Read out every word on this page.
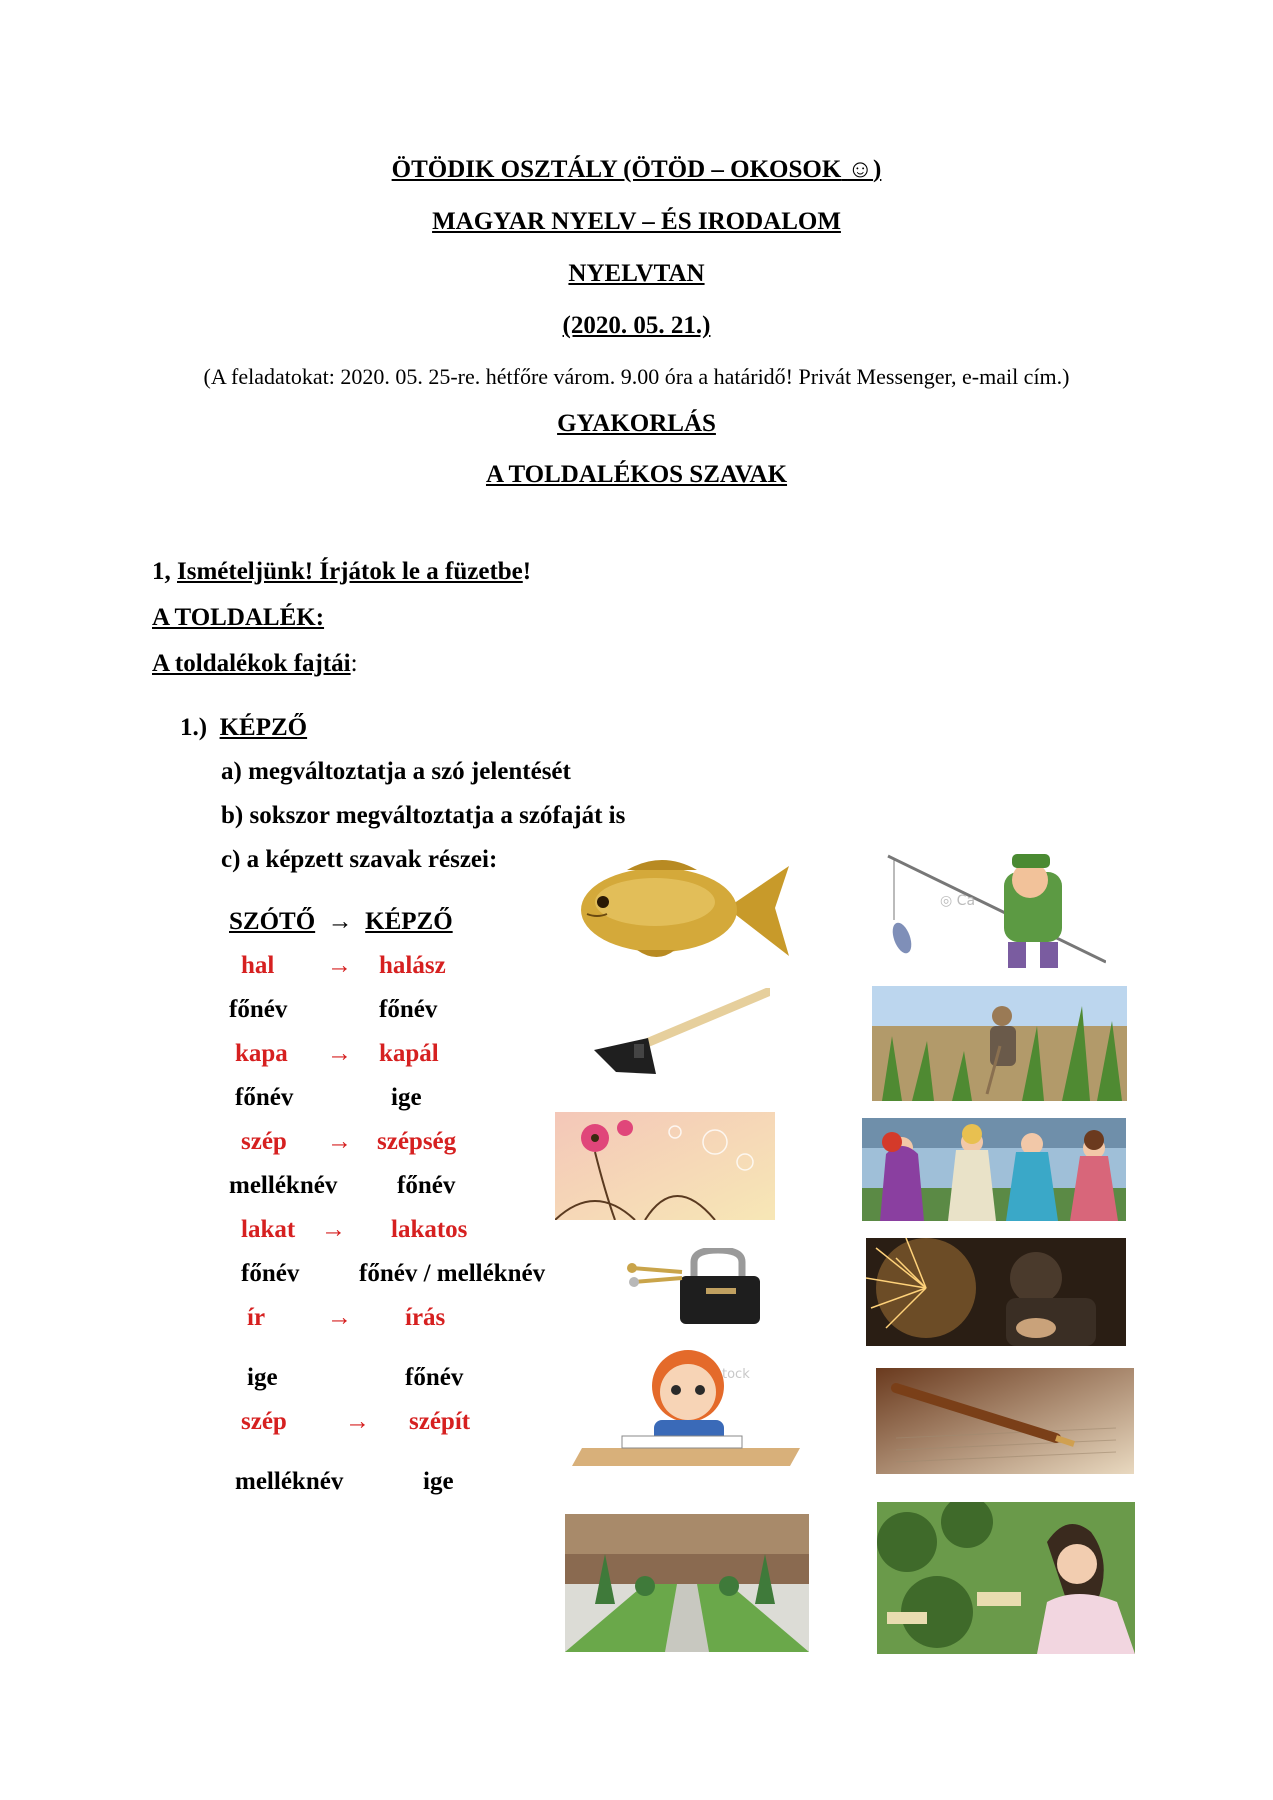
ÖTÖDIK OSZTÁLY (ÖTÖD – OKOSOK ☺)
MAGYAR NYELV – ÉS IRODALOM
NYELVTAN
(2020. 05. 21.)
(A feladatokat: 2020. 05. 25-re. hétfőre várom. 9.00 óra a határidő! Privát Messenger, e-mail cím.)
GYAKORLÁS
A TOLDALÉKOS SZAVAK
1, Ismételjünk! Írjátok le a füzetbe!
A TOLDALÉK:
A toldalékok fajtái:
1.) KÉPZŐ
a) megváltoztatja a szó jelentését
b) sokszor megváltoztatja a szófaját is
c) a képzett szavak részei:
SZÓTŐ → KÉPZŐ
hal → halász
főnév	főnév
kapa → kapál
főnév	ige
szép → szépség
melléknév főnév
lakat → lakatos
főnév főnév / melléknév
ír → írás
ige	főnév
szép → szépít
melléknév	ige
◎ Ca
tock
